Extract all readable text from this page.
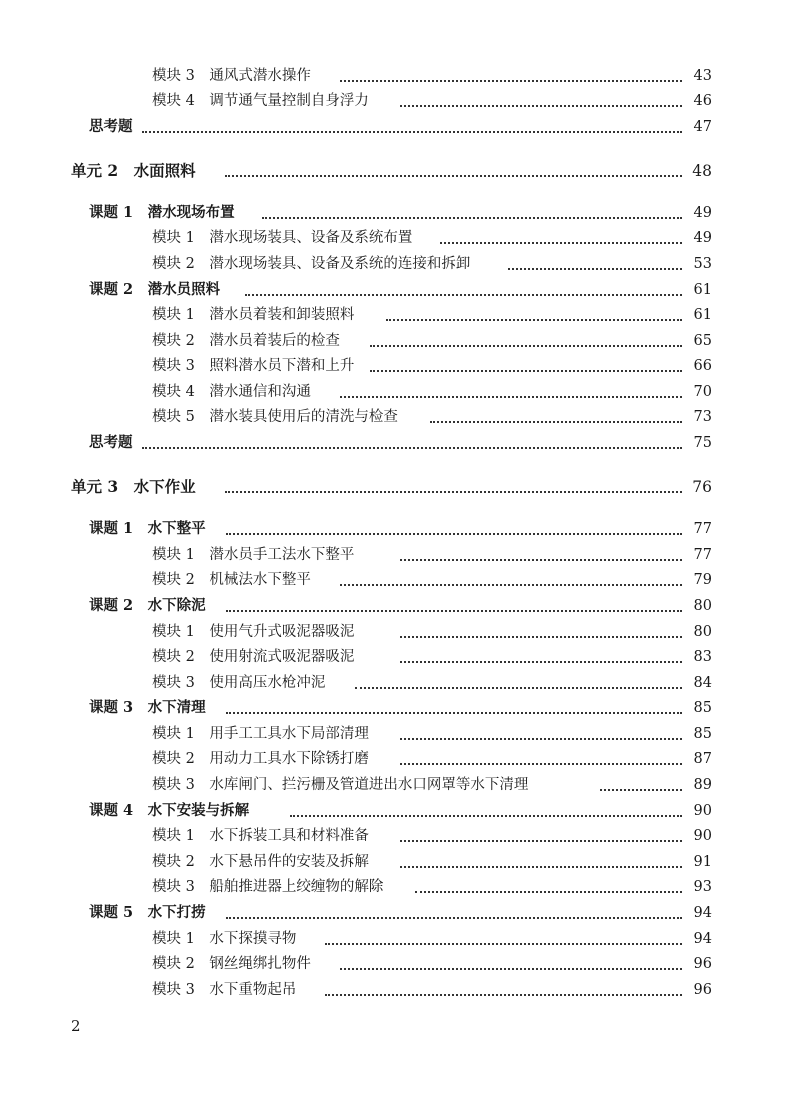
模块 3　通风式潜水操作	43
模块 4　调节通气量控制自身浮力	46
思考题	47
单元 2　水面照料	48
课题 1　潜水现场布置	49
模块 1　潜水现场装具、设备及系统布置	49
模块 2　潜水现场装具、设备及系统的连接和拆卸	53
课题 2　潜水员照料	61
模块 1　潜水员着装和卸装照料	61
模块 2　潜水员着装后的检查	65
模块 3　照料潜水员下潜和上升	66
模块 4　潜水通信和沟通	70
模块 5　潜水装具使用后的清洗与检查	73
思考题	75
单元 3　水下作业	76
课题 1　水下整平	77
模块 1　潜水员手工法水下整平	77
模块 2　机械法水下整平	79
课题 2　水下除泥	80
模块 1　使用气升式吸泥器吸泥	80
模块 2　使用射流式吸泥器吸泥	83
模块 3　使用高压水枪冲泥	84
课题 3　水下清理	85
模块 1　用手工工具水下局部清理	85
模块 2　用动力工具水下除锈打磨	87
模块 3　水库闸门、拦污栅及管道进出水口网罩等水下清理	89
课题 4　水下安装与拆解	90
模块 1　水下拆装工具和材料准备	90
模块 2　水下悬吊件的安装及拆解	91
模块 3　船舶推进器上绞缠物的解除	93
课题 5　水下打捞	94
模块 1　水下探摸寻物	94
模块 2　钢丝绳绑扎物件	96
模块 3　水下重物起吊	96
2
